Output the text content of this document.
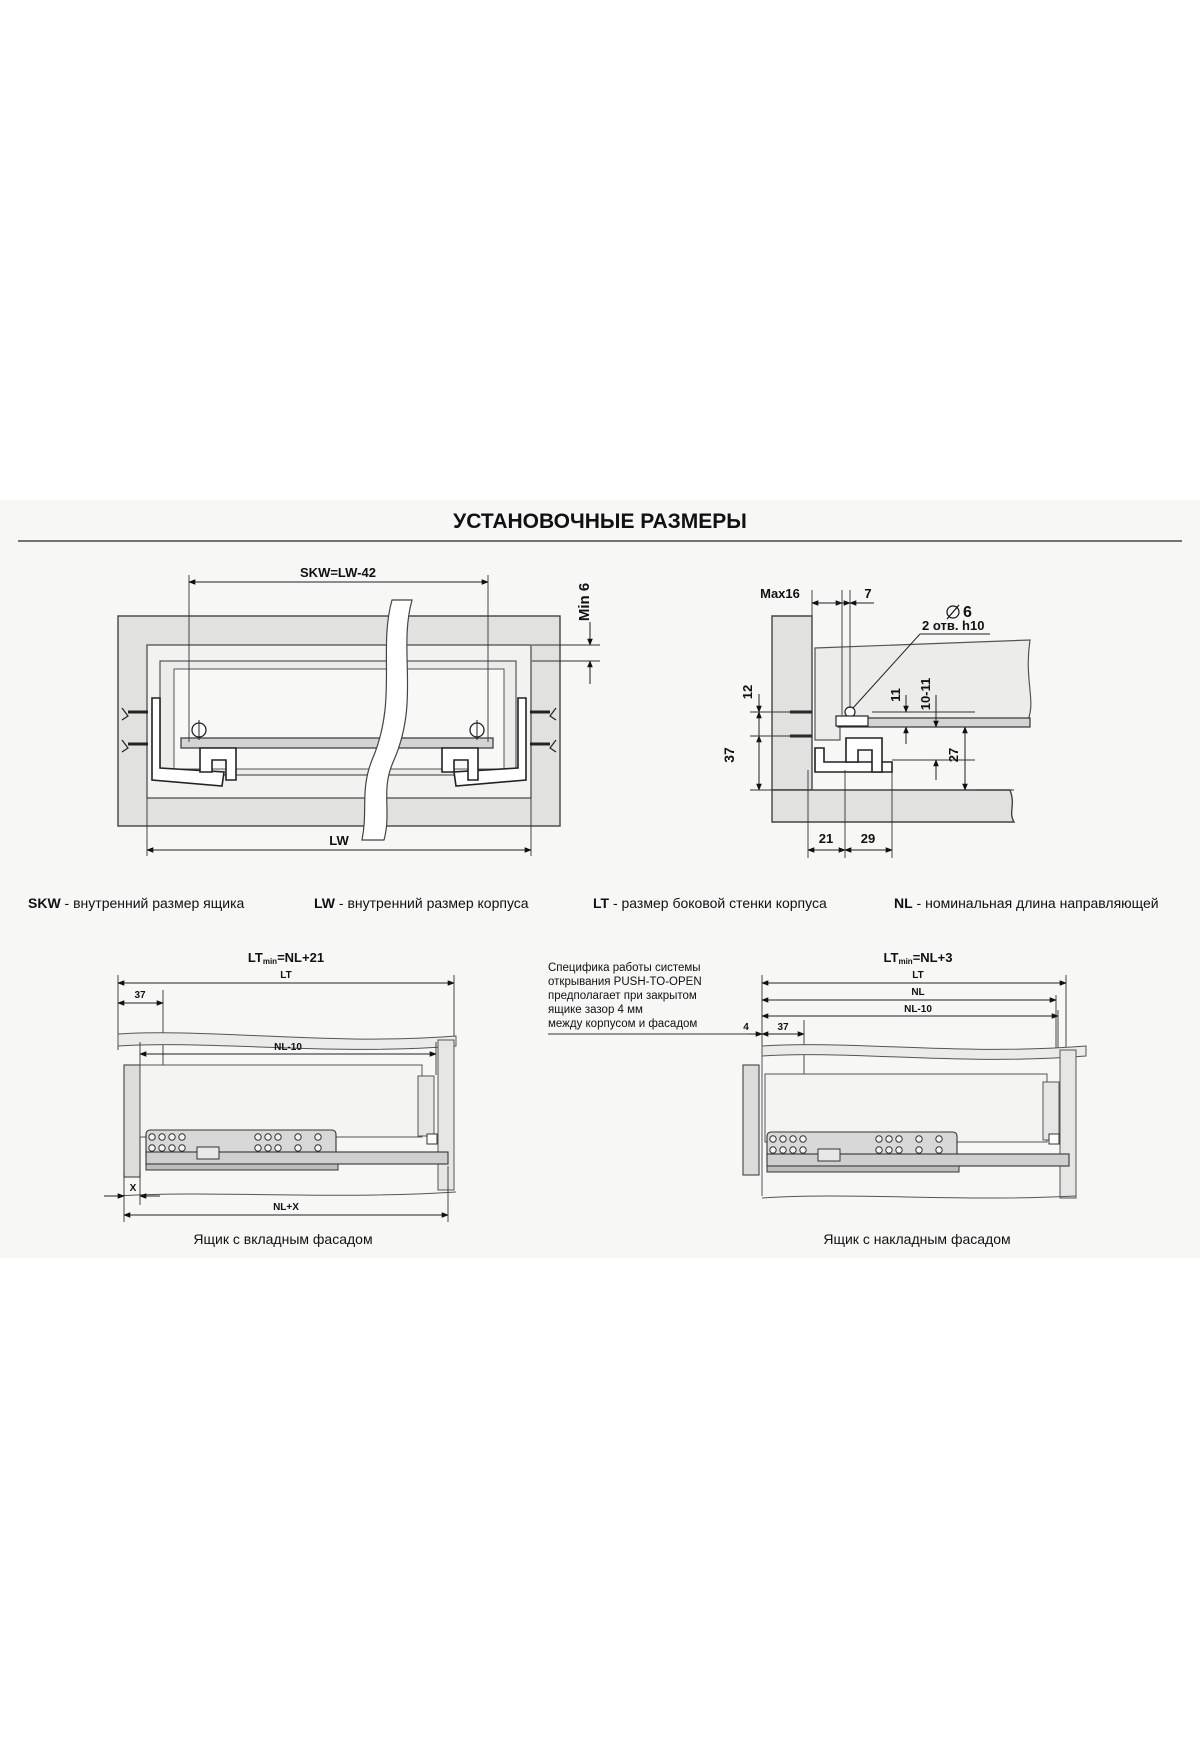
УСТАНОВОЧНЫЕ РАЗМЕРЫ
SKW=LW-42
Min 6
LW
Max16	7
6
2 отв. h10
12
37
11 10-11
27
21 29
SKW - внутренний размер ящика	LW - внутренний размер корпуса	LT - размер боковой стенки корпуса	NL - номинальная длина направляющей
LTmin=NL+21
LT
37
NL-10
X
NL+X
Ящик с вкладным фасадом
LTmin=NL+3
Специфика работы системы
открывания PUSH-TO-OPEN
предполагает при закрытом
ящике зазор 4 мм
между корпусом и фасадом
LT
NL
NL-10
4	37
Ящик с накладным фасадом
